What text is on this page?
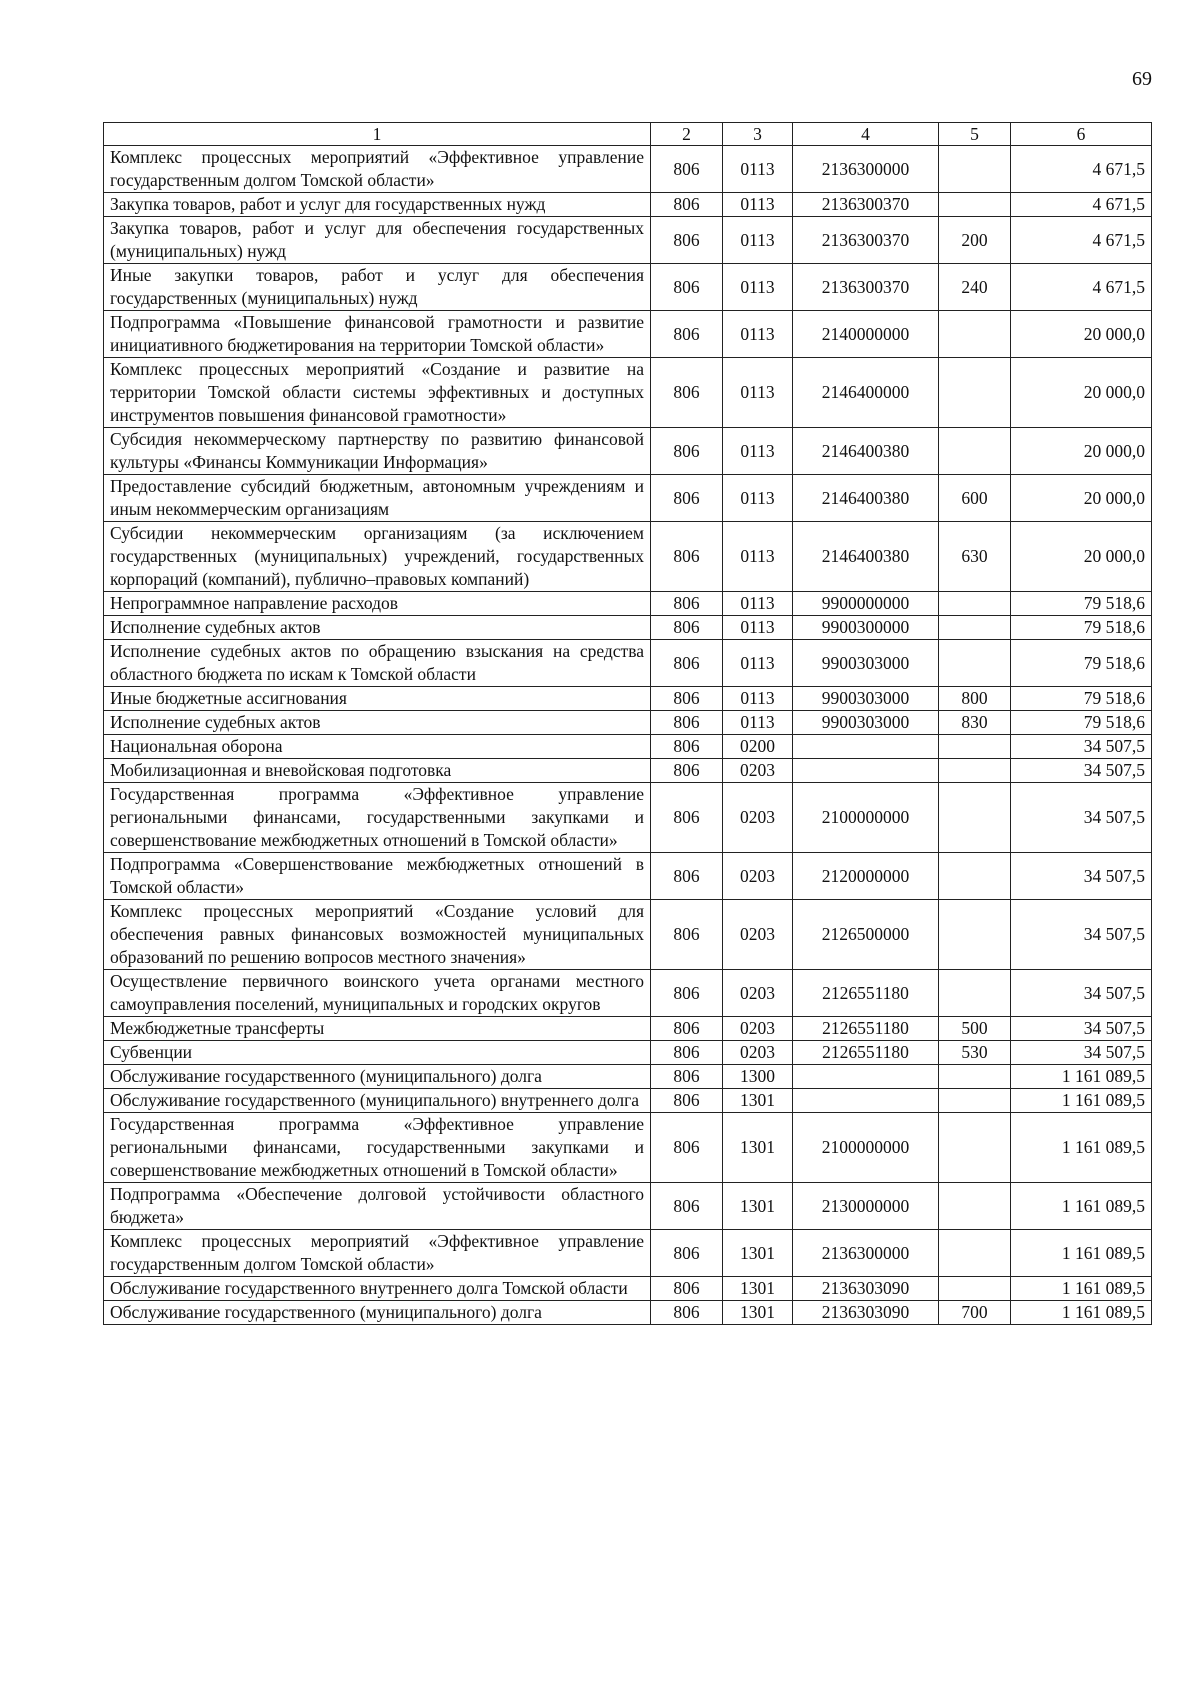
69
1	2	3	4	5	6
Комплекс процессных мероприятий «Эффективное управление государственным долгом Томской области»	806	0113	2136300000		4 671,5
Закупка товаров, работ и услуг для государственных нужд	806	0113	2136300370		4 671,5
Закупка товаров, работ и услуг для обеспечения государственных (муниципальных) нужд	806	0113	2136300370	200	4 671,5
Иные закупки товаров, работ и услуг для обеспечения государственных (муниципальных) нужд	806	0113	2136300370	240	4 671,5
Подпрограмма «Повышение финансовой грамотности и развитие инициативного бюджетирования на территории Томской области»	806	0113	2140000000		20 000,0
Комплекс процессных мероприятий «Создание и развитие на территории Томской области системы эффективных и доступных инструментов повышения финансовой грамотности»	806	0113	2146400000		20 000,0
Субсидия некоммерческому партнерству по развитию финансовой культуры «Финансы Коммуникации Информация»	806	0113	2146400380		20 000,0
Предоставление субсидий бюджетным, автономным учреждениям и иным некоммерческим организациям	806	0113	2146400380	600	20 000,0
Субсидии некоммерческим организациям (за исключением государственных (муниципальных) учреждений, государственных корпораций (компаний), публично–правовых компаний)	806	0113	2146400380	630	20 000,0
Непрограммное направление расходов	806	0113	9900000000		79 518,6
Исполнение судебных актов	806	0113	9900300000		79 518,6
Исполнение судебных актов по обращению взыскания на средства областного бюджета по искам к Томской области	806	0113	9900303000		79 518,6
Иные бюджетные ассигнования	806	0113	9900303000	800	79 518,6
Исполнение судебных актов	806	0113	9900303000	830	79 518,6
Национальная оборона	806	0200			34 507,5
Мобилизационная и вневойсковая подготовка	806	0203			34 507,5
Государственная программа «Эффективное управление региональными финансами, государственными закупками и совершенствование межбюджетных отношений в Томской области»	806	0203	2100000000		34 507,5
Подпрограмма «Совершенствование межбюджетных отношений в Томской области»	806	0203	2120000000		34 507,5
Комплекс процессных мероприятий «Создание условий для обеспечения равных финансовых возможностей муниципальных образований по решению вопросов местного значения»	806	0203	2126500000		34 507,5
Осуществление первичного воинского учета органами местного самоуправления поселений, муниципальных и городских округов	806	0203	2126551180		34 507,5
Межбюджетные трансферты	806	0203	2126551180	500	34 507,5
Субвенции	806	0203	2126551180	530	34 507,5
Обслуживание государственного (муниципального) долга	806	1300			1 161 089,5
Обслуживание государственного (муниципального) внутреннего долга	806	1301			1 161 089,5
Государственная программа «Эффективное управление региональными финансами, государственными закупками и совершенствование межбюджетных отношений в Томской области»	806	1301	2100000000		1 161 089,5
Подпрограмма «Обеспечение долговой устойчивости областного бюджета»	806	1301	2130000000		1 161 089,5
Комплекс процессных мероприятий «Эффективное управление государственным долгом Томской области»	806	1301	2136300000		1 161 089,5
Обслуживание государственного внутреннего долга Томской области	806	1301	2136303090		1 161 089,5
Обслуживание государственного (муниципального) долга	806	1301	2136303090	700	1 161 089,5
